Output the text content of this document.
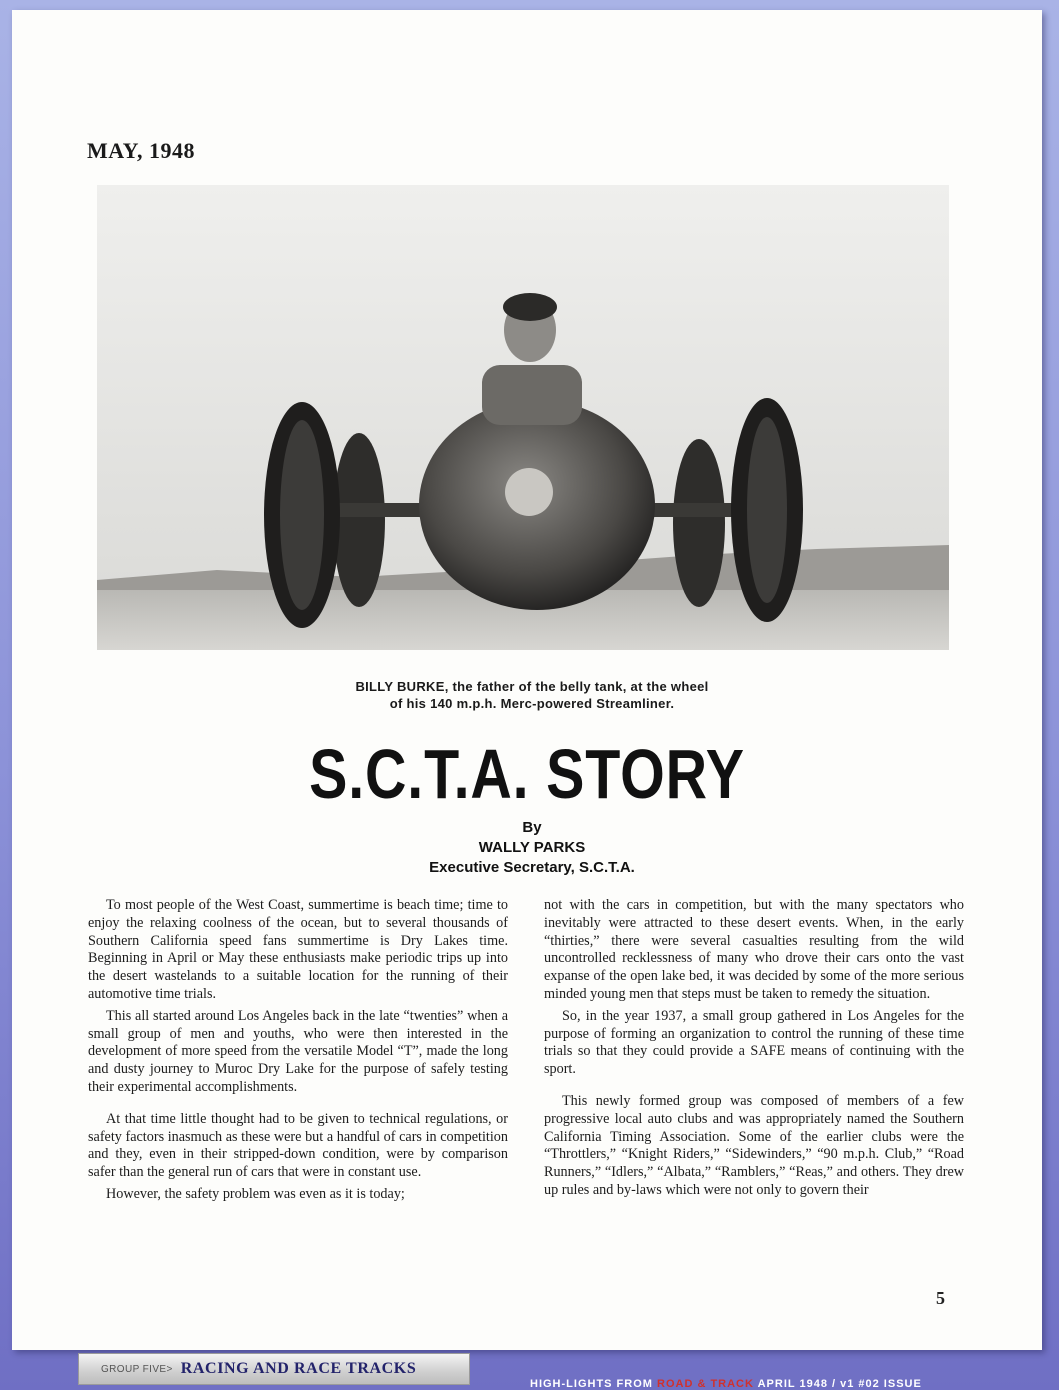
MAY, 1948
BILLY BURKE, the father of the belly tank, at the wheel
of his 140 m.p.h. Merc-powered Streamliner.
S.C.T.A. STORY
By
WALLY PARKS
Executive Secretary, S.C.T.A.

To most people of the West Coast, summertime is beach time; time to enjoy the relaxing coolness of the ocean, but to several thousands of Southern California speed fans summertime is Dry Lakes time. Beginning in April or May these enthusiasts make periodic trips up into the desert wastelands to a suitable location for the running of their automotive time trials.

This all started around Los Angeles back in the late “twenties” when a small group of men and youths, who were then interested in the development of more speed from the versatile Model “T”, made the long and dusty journey to Muroc Dry Lake for the purpose of safely testing their experimental accomplishments.

At that time little thought had to be given to technical regulations, or safety factors inasmuch as these were but a handful of cars in competition and they, even in their stripped-down condition, were by comparison safer than the general run of cars that were in constant use.

However, the safety problem was even as it is today;

not with the cars in competition, but with the many spectators who inevitably were attracted to these desert events. When, in the early “thirties,” there were several casualties resulting from the wild uncontrolled recklessness of many who drove their cars onto the vast expanse of the open lake bed, it was decided by some of the more serious minded young men that steps must be taken to remedy the situation.

So, in the year 1937, a small group gathered in Los Angeles for the purpose of forming an organization to control the running of these time trials so that they could provide a SAFE means of continuing with the sport.

This newly formed group was composed of members of a few progressive local auto clubs and was appropriately named the Southern California Timing Association. Some of the earlier clubs were the “Throttlers,” “Knight Riders,” “Sidewinders,” “90 m.p.h. Club,” “Road Runners,” “Idlers,” “Albata,” “Ramblers,” “Reas,” and others. They drew up rules and by-laws which were not only to govern their

5
GROUP FIVE> RACING AND RACE TRACKS
HIGH-LIGHTS FROM ROAD & TRACK APRIL 1948 / v1 #02 ISSUE
